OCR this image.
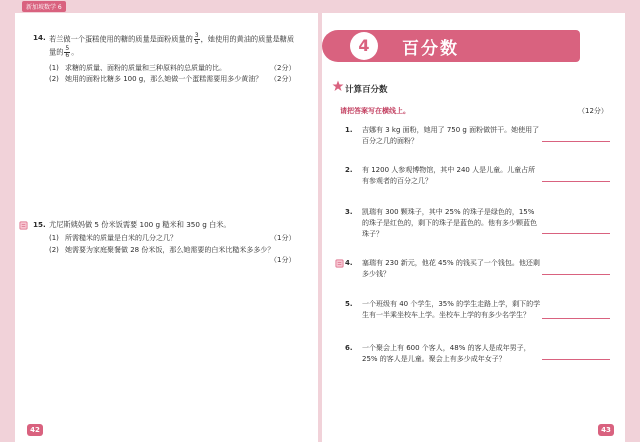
新加坡数学 6
14. 若兰做一个蛋糕使用的糖的质量是面粉质量的 $\frac{3}{5}$ ，她使用的黄油的质量是糖质
量的 $\frac{5}{6}$ 。
(1) 求糖的质量、面粉的质量和三种原料的总质量的比。	（2分）
(2) 她用的面粉比糖多 100 g，那么她做一个蛋糕需要用多少黄油？ （2分）
15. 尤尼斯姨妈做 5 份米饭需要 100 g 糙米和 350 g 白米。
(1) 所需糙米的质量是白米的几分之几？	（1分）
(2) 她需要为家庭聚餐做 28 份米饭，那么她需要的白米比糙米多多少？
（1分）
42
4	百分数
计算百分数
请把答案写在横线上。	（12分）
1. 吉娜有 3 kg 面粉，她用了 750 g 面粉做饼干。她使用了百分之几的面粉？
2. 有 1200 人参观博物馆，其中 240 人是儿童。儿童占所有参观者的百分之几？
3. 凯瑞有 300 颗珠子，其中 25% 的珠子是绿色的，15% 的珠子是红色的，剩下的珠子是蓝色的。他有多少颗蓝色珠子？
4. 塞瑞有 230 新元，他花 45% 的钱买了一个钱包。他还剩多少钱？
5. 一个班级有 40 个学生，35% 的学生走路上学，剩下的学生有一半乘坐校车上学。坐校车上学的有多少名学生？
6. 一个聚会上有 600 个客人，48% 的客人是成年男子，25% 的客人是儿童。聚会上有多少成年女子？
43
